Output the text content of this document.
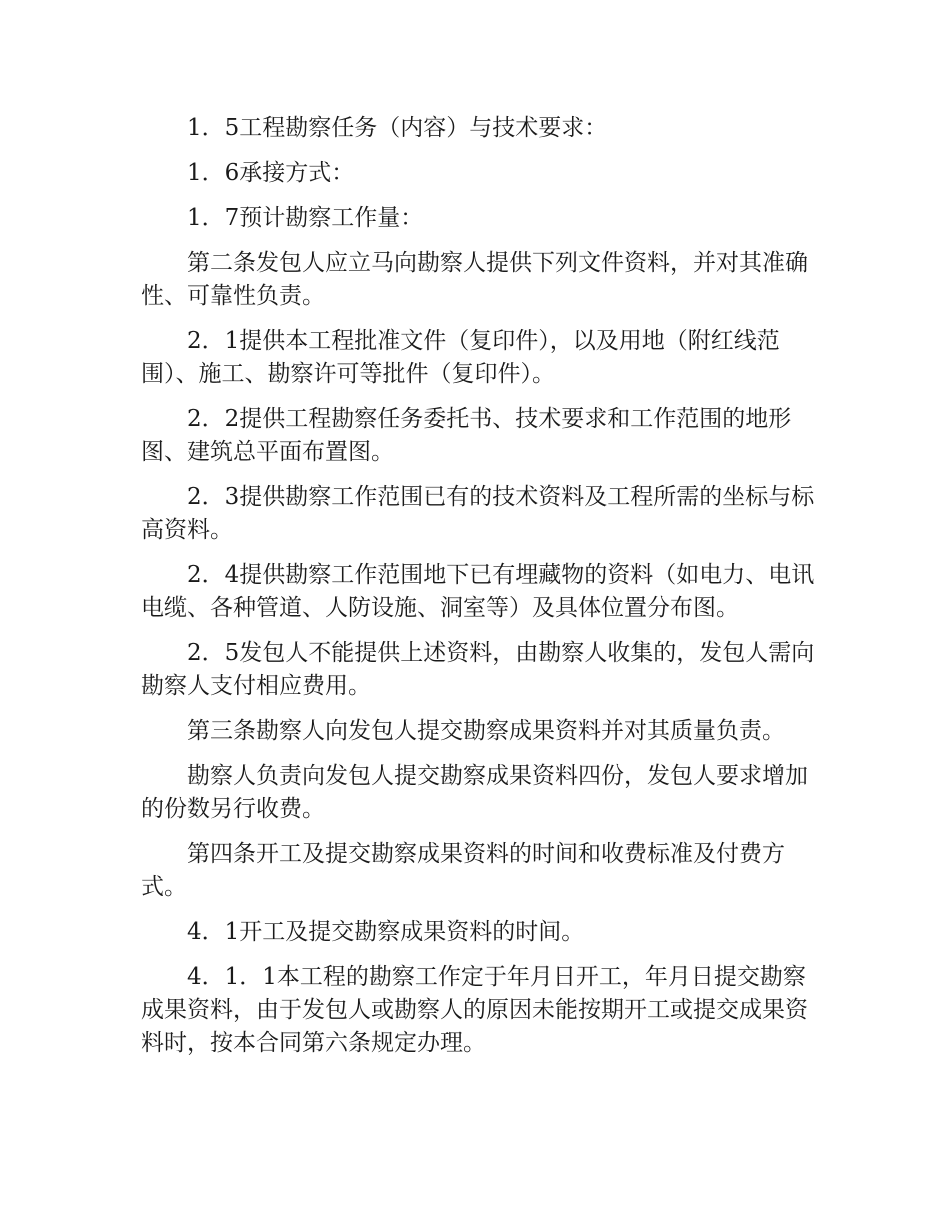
1．5工程勘察任务（内容）与技术要求：

1．6承接方式：

1．7预计勘察工作量：

第二条发包人应立马向勘察人提供下列文件资料，并对其准确性、可靠性负责。

2．1提供本工程批准文件（复印件），以及用地（附红线范围）、施工、勘察许可等批件（复印件）。

2．2提供工程勘察任务委托书、技术要求和工作范围的地形图、建筑总平面布置图。

2．3提供勘察工作范围已有的技术资料及工程所需的坐标与标高资料。

2．4提供勘察工作范围地下已有埋藏物的资料（如电力、电讯电缆、各种管道、人防设施、洞室等）及具体位置分布图。

2．5发包人不能提供上述资料，由勘察人收集的，发包人需向勘察人支付相应费用。

第三条勘察人向发包人提交勘察成果资料并对其质量负责。

勘察人负责向发包人提交勘察成果资料四份，发包人要求增加的份数另行收费。

第四条开工及提交勘察成果资料的时间和收费标准及付费方式。

4．1开工及提交勘察成果资料的时间。

4．1．1本工程的勘察工作定于年月日开工，年月日提交勘察成果资料，由于发包人或勘察人的原因未能按期开工或提交成果资料时，按本合同第六条规定办理。
